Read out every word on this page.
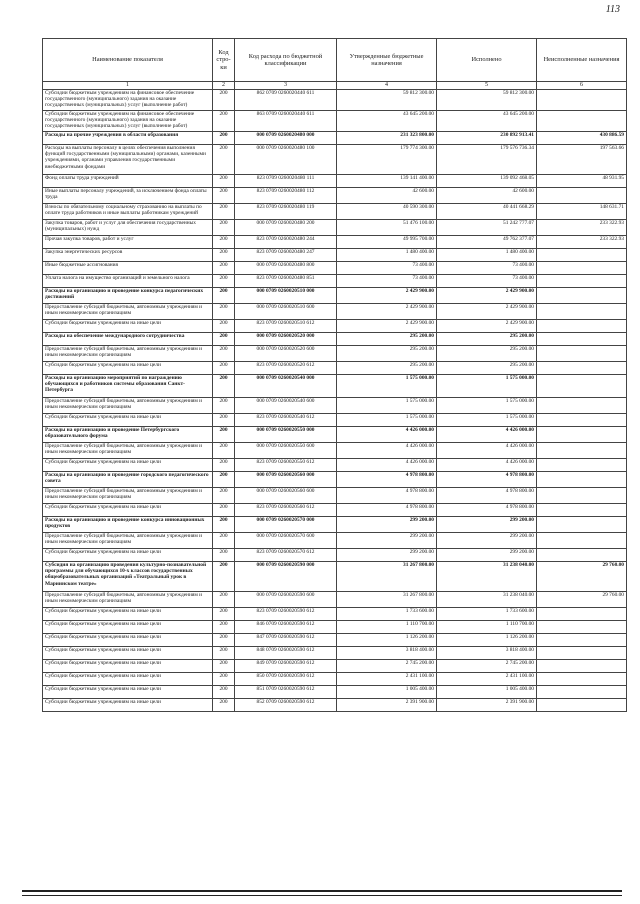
113
Наименование показателя	Код стро-ки	Код расхода по бюджетной классификации	Утвержденные бюджетные назначения	Исполнено	Неисполненные назначения
1	2	3	4	5	6
Субсидии бюджетным учреждениям на финансовое обеспечение государственного (муниципального) задания на оказание государственных (муниципальных) услуг (выполнение работ)	200	862 0709 0260020440 611	59 812 300.00	59 812 300.00	
Субсидии бюджетным учреждениям на финансовое обеспечение государственного (муниципального) задания на оказание государственных (муниципальных) услуг (выполнение работ)	200	863 0709 0260020440 611	43 645 200.00	43 645 200.00	
Расходы на прочие учреждения в области образования	200	000 0709 0260020480 000	231 323 800.00	230 892 913.41	430 886.59
Расходы на выплаты персоналу в целях обеспечения выполнения функций государственными (муниципальными) органами, казенными учреждениями, органами управления государственными внебюджетными фондами	200	000 0709 0260020480 100	179 774 300.00	179 576 736.34	197 563.66
Фонд оплаты труда учреждений	200	823 0709 0260020480 111	139 141 400.00	139 092 468.05	48 931.95
Иные выплаты персоналу учреждений, за исключением фонда оплаты труда	200	823 0709 0260020480 112	42 600.00	42 600.00	
Взносы по обязательному социальному страхованию на выплаты по оплате труда работников и иные выплаты работникам учреждений	200	823 0709 0260020480 119	40 590 300.00	40 441 668.29	148 631.71
Закупка товаров, работ и услуг для обеспечения государственных (муниципальных) нужд	200	000 0709 0260020480 200	51 476 100.00	51 242 777.07	233 322.93
Прочая закупка товаров, работ и услуг	200	823 0709 0260020480 244	49 995 700.00	49 762 377.07	233 322.93
Закупка энергетических ресурсов	200	823 0709 0260020480 247	1 480 400.00	1 480 400.00	
Иные бюджетные ассигнования	200	000 0709 0260020480 800	73 400.00	73 400.00	
Уплата налога на имущество организаций и земельного налога	200	823 0709 0260020480 851	73 400.00	73 400.00	
Расходы на организацию и проведение конкурса педагогических достижений	200	000 0709 0260020510 000	2 429 900.00	2 429 900.00	
Предоставление субсидий бюджетным, автономным учреждениям и иным некоммерческим организациям	200	000 0709 0260020510 600	2 429 900.00	2 429 900.00	
Субсидии бюджетным учреждениям на иные цели	200	823 0709 0260020510 612	2 429 900.00	2 429 900.00	
Расходы на обеспечение международного сотрудничества	200	000 0709 0260020520 000	295 200.00	295 200.00	
Предоставление субсидий бюджетным, автономным учреждениям и иным некоммерческим организациям	200	000 0709 0260020520 600	295 200.00	295 200.00	
Субсидии бюджетным учреждениям на иные цели	200	823 0709 0260020520 612	295 200.00	295 200.00	
Расходы на организацию мероприятий по награждению обучающихся и работников системы образования Санкт-Петербурга	200	000 0709 0260020540 000	1 575 000.00	1 575 000.00	
Предоставление субсидий бюджетным, автономным учреждениям и иным некоммерческим организациям	200	000 0709 0260020540 600	1 575 000.00	1 575 000.00	
Субсидии бюджетным учреждениям на иные цели	200	823 0709 0260020540 612	1 575 000.00	1 575 000.00	
Расходы на организацию и проведение Петербургского образовательного форума	200	000 0709 0260020550 000	4 426 000.00	4 426 000.00	
Предоставление субсидий бюджетным, автономным учреждениям и иным некоммерческим организациям	200	000 0709 0260020550 600	4 426 000.00	4 426 000.00	
Субсидии бюджетным учреждениям на иные цели	200	823 0709 0260020550 612	4 426 000.00	4 426 000.00	
Расходы на организацию и проведение городского педагогического совета	200	000 0709 0260020560 000	4 978 800.00	4 978 800.00	
Предоставление субсидий бюджетным, автономным учреждениям и иным некоммерческим организациям	200	000 0709 0260020560 600	4 978 800.00	4 978 800.00	
Субсидии бюджетным учреждениям на иные цели	200	823 0709 0260020560 612	4 978 800.00	4 978 800.00	
Расходы на организацию и проведение конкурса инновационных продуктов	200	000 0709 0260020570 000	299 200.00	299 200.00	
Предоставление субсидий бюджетным, автономным учреждениям и иным некоммерческим организациям	200	000 0709 0260020570 600	299 200.00	299 200.00	
Субсидии бюджетным учреждениям на иные цели	200	823 0709 0260020570 612	299 200.00	299 200.00	
Субсидия на организацию проведения культурно-познавательной программы для обучающихся 10-х классов государственных общеобразовательных организаций «Театральный урок в Мариинском театре»	200	000 0709 0260020590 000	31 267 800.00	31 238 040.00	29 760.00
Предоставление субсидий бюджетным, автономным учреждениям и иным некоммерческим организациям	200	000 0709 0260020590 600	31 267 800.00	31 238 040.00	29 760.00
Субсидии бюджетным учреждениям на иные цели	200	823 0709 0260020590 612	1 733 600.00	1 733 600.00	
Субсидии бюджетным учреждениям на иные цели	200	846 0709 0260020590 612	1 110 700.00	1 110 700.00	
Субсидии бюджетным учреждениям на иные цели	200	847 0709 0260020590 612	1 126 200.00	1 126 200.00	
Субсидии бюджетным учреждениям на иные цели	200	848 0709 0260020590 612	3 818 400.00	3 818 400.00	
Субсидии бюджетным учреждениям на иные цели	200	849 0709 0260020590 612	2 745 200.00	2 745 200.00	
Субсидии бюджетным учреждениям на иные цели	200	850 0709 0260020590 612	2 431 100.00	2 431 100.00	
Субсидии бюджетным учреждениям на иные цели	200	851 0709 0260020590 612	1 005 400.00	1 005 400.00	
Субсидии бюджетным учреждениям на иные цели	200	852 0709 0260020590 612	2 391 900.00	2 391 900.00	
